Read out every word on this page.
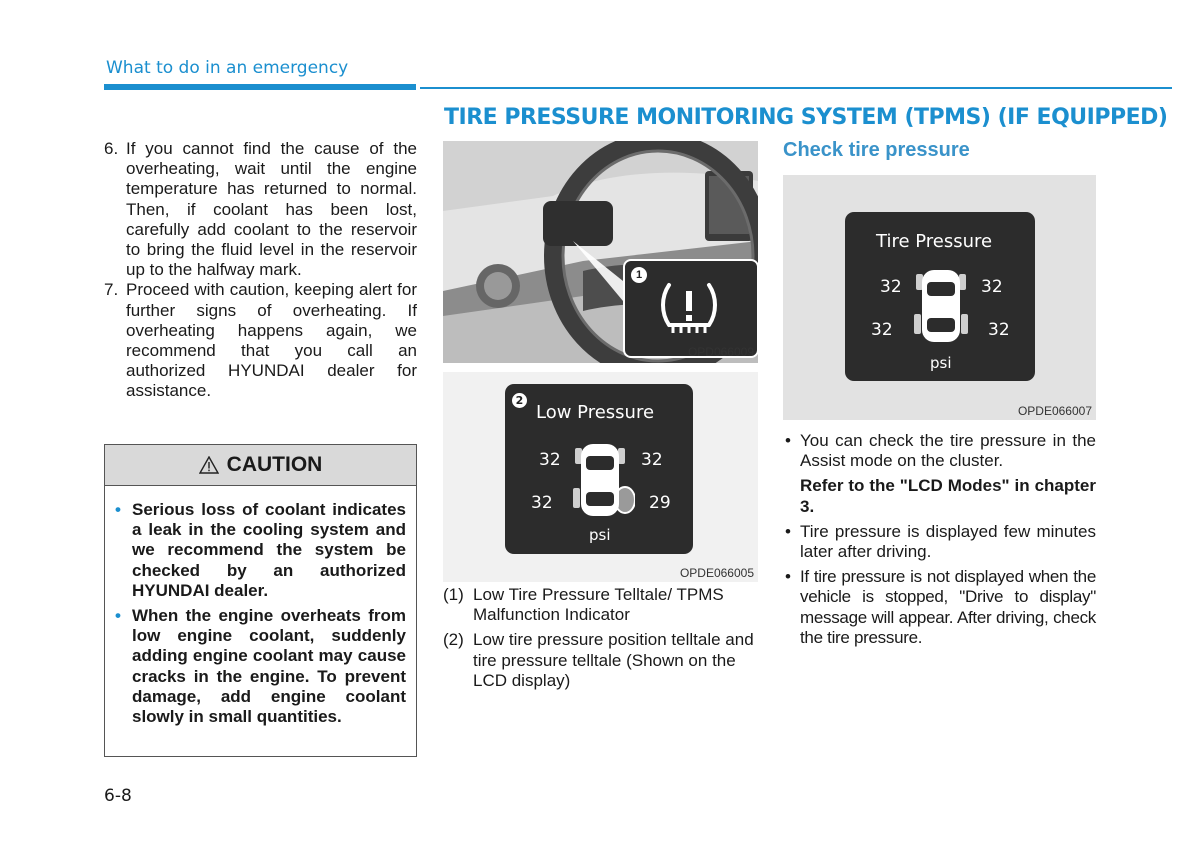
What to do in an emergency
TIRE PRESSURE MONITORING SYSTEM (TPMS) (IF EQUIPPED)
6. If you cannot find the cause of the overheating, wait until the engine temperature has returned to normal. Then, if coolant has been lost, carefully add coolant to the reservoir to bring the fluid level in the reservoir up to the halfway mark.
7. Proceed with caution, keeping alert for further signs of overheating. If overheating happens again, we recommend that you call an authorized HYUNDAI dealer for assistance.
CAUTION
• Serious loss of coolant indicates a leak in the cooling system and we recommend the system be checked by an authorized HYUNDAI dealer.
• When the engine overheats from low engine coolant, suddenly adding engine coolant may cause cracks in the engine. To prevent damage, add engine coolant slowly in small quantities.
1
OPD066009
2
Low Pressure
32	32
32	29
psi
OPDE066005
(1) Low Tire Pressure Telltale/ TPMS Malfunction Indicator
(2) Low tire pressure position telltale and tire pressure telltale (Shown on the LCD display)
Check tire pressure
Tire Pressure
32	32
32	32
psi
OPDE066007
• You can check the tire pressure in the Assist mode on the cluster.
Refer to the "LCD Modes" in chapter 3.
• Tire pressure is displayed few minutes later after driving.
• If tire pressure is not displayed when the vehicle is stopped, "Drive to display" message will appear. After driving, check the tire pressure.
6-8
